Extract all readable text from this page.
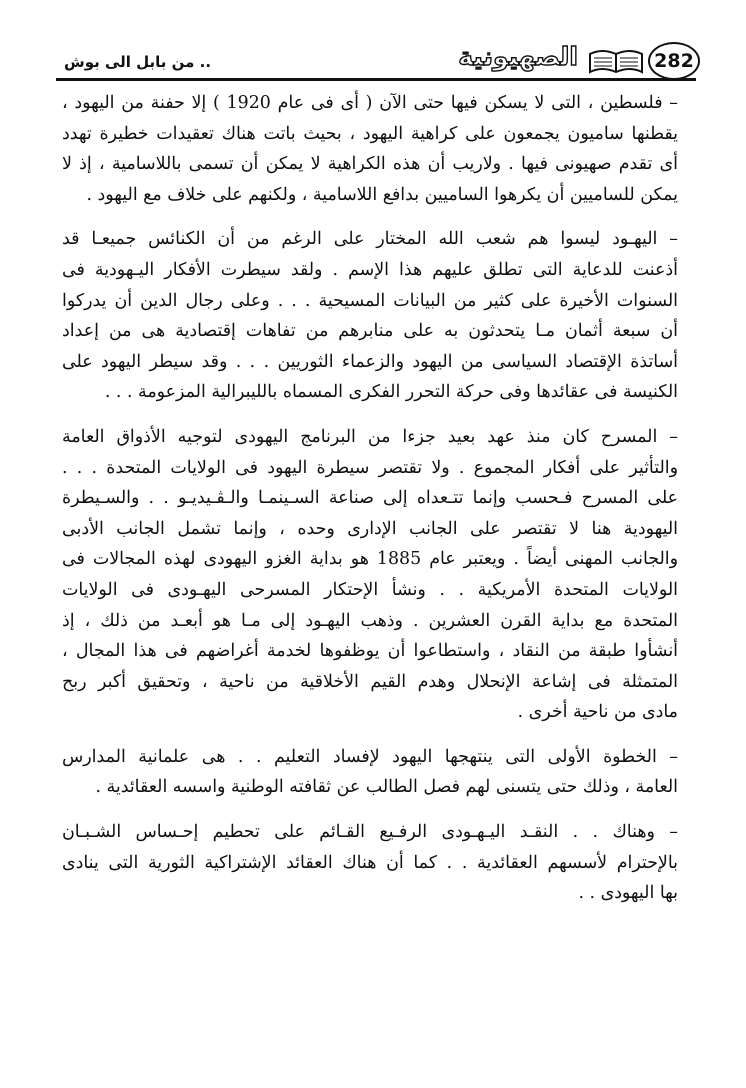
.. من بابل الى بوش	الصهيونية	282
– فلسطين ، التى لا يسكن فيها حتى الآن ( أى فى عام 1920 ) إلا حفنة من اليهود ،
يقطنها ساميون يجمعون على كراهية اليهود ، بحيث باتت هناك تعقيدات خطيرة تهدد
أى تقدم صهيونى فيها . ولاريب أن هذه الكراهية لا يمكن أن تسمى باللاسامية ، إذ لا
يمكن للساميين أن يكرهوا الساميين بدافع اللاسامية ، ولكنهم على خلاف مع اليهود .
– اليهـود ليسوا هم شعب الله المختار على الرغم من أن الكنائس جميعـا قد
أذعنت للدعاية التى تطلق عليهم هذا الإسم . ولقد سيطرت الأفكار اليـهودية فى
السنوات الأخيرة على كثير من البيانات المسيحية . . . وعلى رجال الدين أن يدركوا
أن سبعة أثمان مـا يتحدثون به على منابرهم من تفاهات إقتصادية هى من إعداد
أساتذة الإقتصاد السياسى من اليهود والزعماء الثوريين . . . وقد سيطر اليهود على
الكنيسة فى عقائدها وفى حركة التحرر الفكرى المسماه بالليبرالية المزعومة . . .
– المسرح كان منذ عهد بعيد جزءا من البرنامج اليهودى لتوجيه الأذواق العامة
والتأثير على أفكار المجموع . ولا تقتصر سيطرة اليهود فى الولايات المتحدة . . .
على المسرح فـحسب وإنما تتـعداه إلى صناعة السـينمـا والـڤـيديـو . . والسـيطرة
اليهودية هنا لا تقتصر على الجانب الإدارى وحده ، وإنما تشمل الجانب الأدبى
والجانب المهنى أيضاً . ويعتبر عام 1885 هو بداية الغزو اليهودى لهذه المجالات فى
الولايات المتحدة الأمريكية . . ونشأ الإحتكار المسرحى اليهـودى فى الولايات
المتحدة مع بداية القرن العشرين . وذهب اليهـود إلى مـا هو أبعـد من ذلك ، إذ
أنشأوا طبقة من النقاد ، واستطاعوا أن يوظفوها لخدمة أغراضهم فى هذا المجال ،
المتمثلة فى إشاعة الإنحلال وهدم القيم الأخلاقية من ناحية ، وتحقيق أكبر ربح
مادى من ناحية أخرى .
– الخطوة الأولى التى ينتهجها اليهود لإفساد التعليم . . هى علمانية المدارس
العامة ، وذلك حتى يتسنى لهم فصل الطالب عن ثقافته الوطنية واسسه العقائدية .
– وهناك . . النقـد اليـهـودى الرفـيع القـائم على تحطيم إحـساس الشـبـان
بالإحترام لأسسهم العقائدية . . كما أن هناك العقائد الإشتراكية الثورية التى ينادى
بها اليهودى . .
